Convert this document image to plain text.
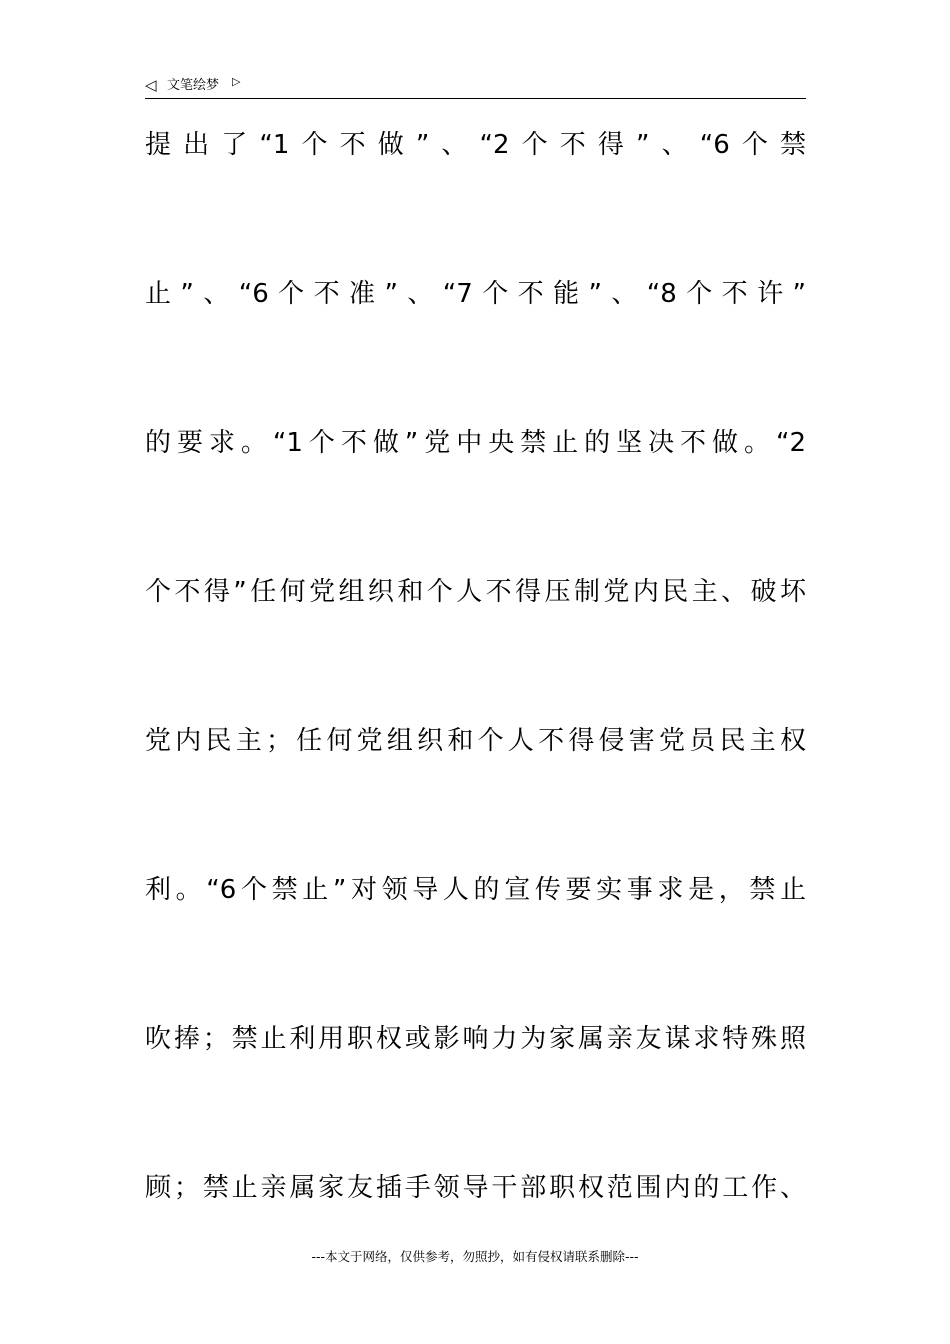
◁ 文笔绘梦 ▷
提出了“1个不做”、“2个不得”、“6个禁
止”、“6个不准”、“7个不能”、“8个不许”
的要求。“1个不做”党中央禁止的坚决不做。“2
个不得”任何党组织和个人不得压制党内民主、破坏
党内民主；任何党组织和个人不得侵害党员民主权
利。“6个禁止”对领导人的宣传要实事求是，禁止
吹捧；禁止利用职权或影响力为家属亲友谋求特殊照
顾；禁止亲属家友插手领导干部职权范围内的工作、
---本文于网络，仅供参考，勿照抄，如有侵权请联系删除---
